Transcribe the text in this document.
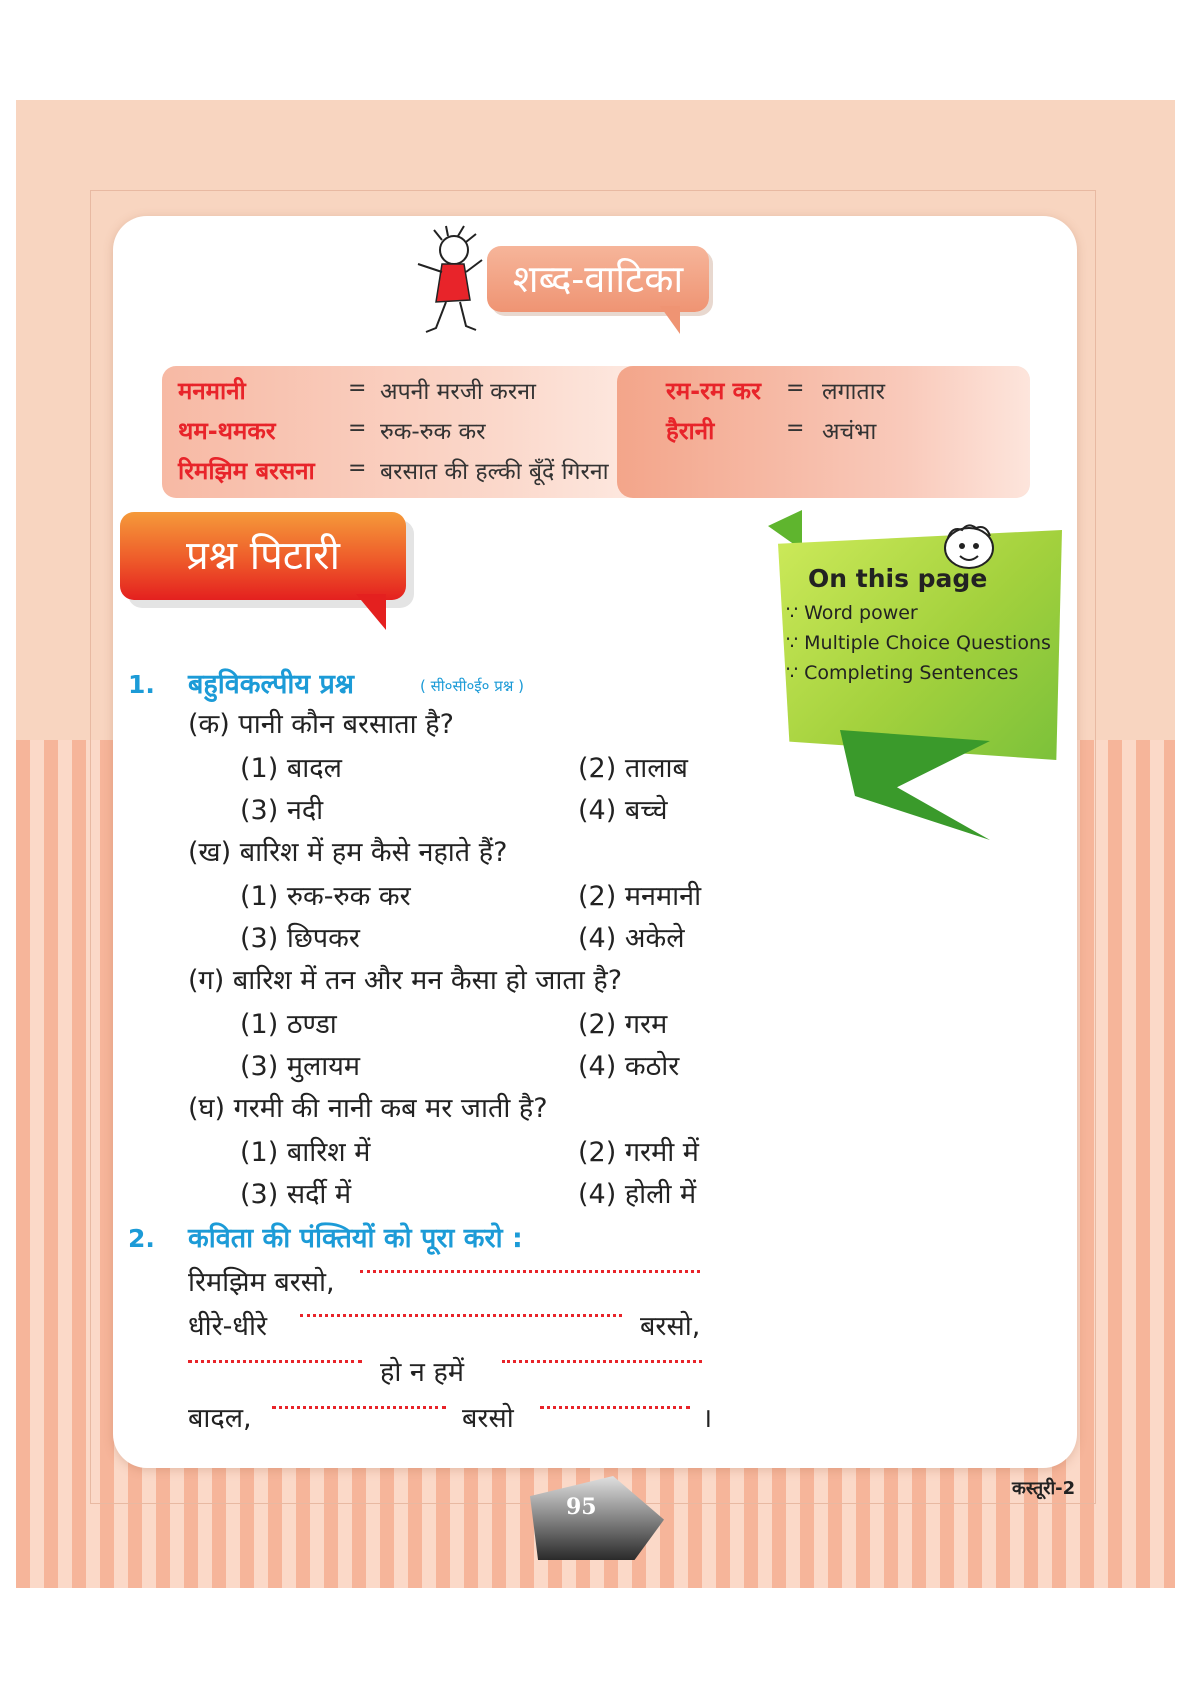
शब्द-वाटिका
मनमानी	= अपनी मरजी करना
थम-थमकर	= रुक-रुक कर
रिमझिम बरसना = बरसात की हल्की बूँदें गिरना
रम-रम कर = लगातार
हैरानी	= अचंभा
प्रश्न पिटारी	On this page
∵ Word power
∵ Multiple Choice Questions
∵ Completing Sentences
1. बहुविकल्पीय प्रश्न	( सी०सी०ई० प्रश्न )
(क) पानी कौन बरसाता है?
(1) बादल	(2) तालाब
(3) नदी	(4) बच्चे
(ख) बारिश में हम कैसे नहाते हैं?
(1) रुक-रुक कर	(2) मनमानी
(3) छिपकर	(4) अकेले
(ग) बारिश में तन और मन कैसा हो जाता है?
(1) ठण्डा	(2) गरम
(3) मुलायम	(4) कठोर
(घ) गरमी की नानी कब मर जाती है?
(1) बारिश में	(2) गरमी में
(3) सर्दी में	(4) होली में
2. कविता की पंक्तियों को पूरा करो :
रिमझिम बरसो,
धीरे-धीरे	बरसो,
हो न हमें
बादल,	बरसो	।
95
कस्तूरी-2
